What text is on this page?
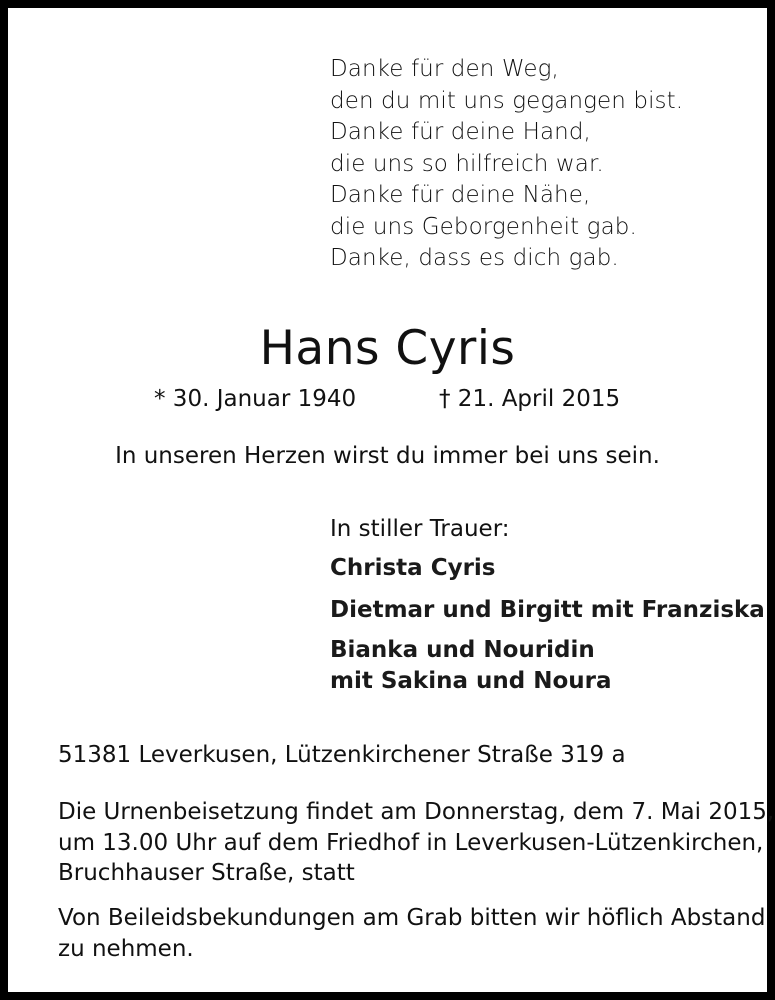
Danke für den Weg,
den du mit uns gegangen bist.
Danke für deine Hand,
die uns so hilfreich war.
Danke für deine Nähe,
die uns Geborgenheit gab.
Danke, dass es dich gab.
Hans Cyris
* 30. Januar 1940	† 21. April 2015
In unseren Herzen wirst du immer bei uns sein.
In stiller Trauer:
Christa Cyris
Dietmar und Birgitt mit Franziska
Bianka und Nouridin
mit Sakina und Noura
51381 Leverkusen, Lützenkirchener Straße 319 a
Die Urnenbeisetzung findet am Donnerstag, dem 7. Mai 2015,
um 13.00 Uhr auf dem Friedhof in Leverkusen-Lützenkirchen,
Bruchhauser Straße, statt
Von Beileidsbekundungen am Grab bitten wir höflich Abstand
zu nehmen.
